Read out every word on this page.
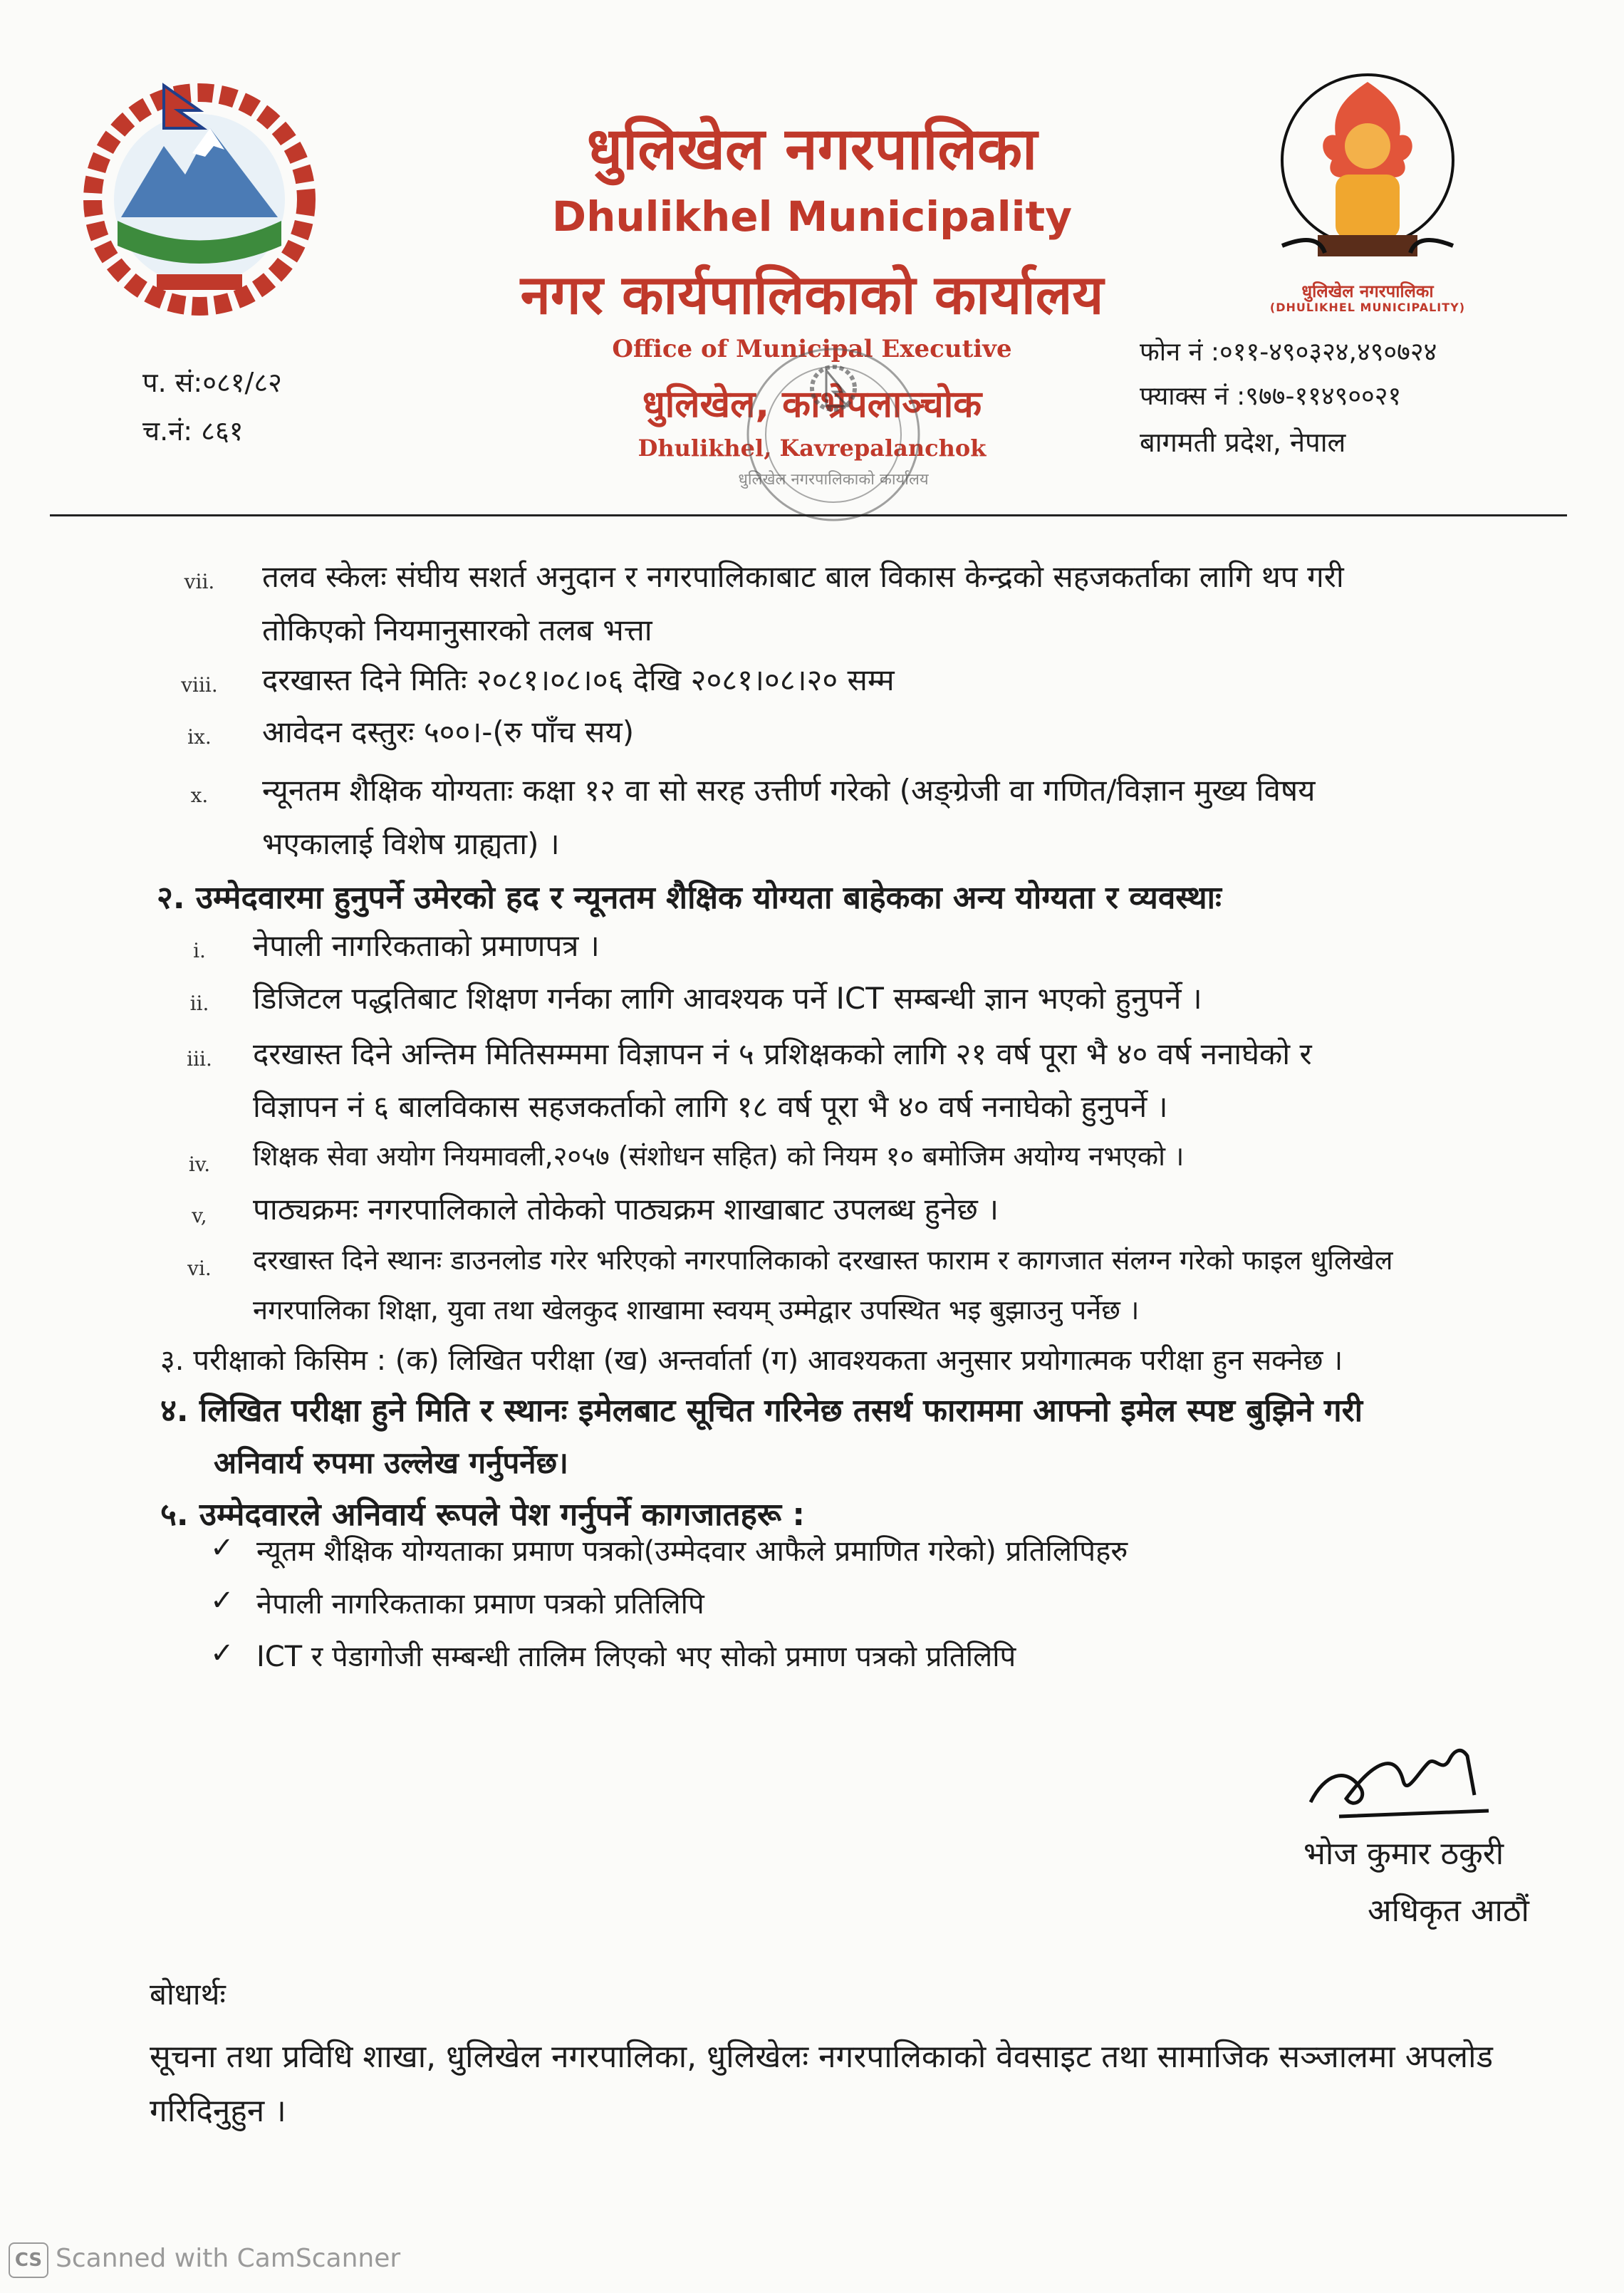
धुलिखेल नगरपालिका
Dhulikhel Municipality
नगर कार्यपालिकाको कार्यालय
Office of Municipal Executive
धुलिखेल, काभ्रेपलाञ्चोक
Dhulikhel, Kavrepalanchok
धुलिखेल नगरपालिका
(DHULIKHEL MUNICIPALITY)
प. सं:०८१/८२
च.नं: ८६१
फोन नं :०११-४९०३२४,४९०७२४
फ्याक्स नं :९७७-११४९००२१
बागमती प्रदेश, नेपाल
धुलिखेल नगरपालिकाको कार्यालय
vii.	तलव स्केलः संघीय सशर्त अनुदान र नगरपालिकाबाट बाल विकास केन्द्रको सहजकर्ताका लागि थप गरी
तोकिएको नियमानुसारको तलब भत्ता
viii.	दरखास्त दिने मितिः २०८१।०८।०६ देखि २०८१।०८।२० सम्म
ix.	आवेदन दस्तुरः ५००।-(रु पाँच सय)
x.	न्यूनतम शैक्षिक योग्यताः कक्षा १२ वा सो सरह उत्तीर्ण गरेको (अङ्ग्रेजी वा गणित/विज्ञान मुख्य विषय
भएकालाई विशेष ग्राह्यता) ।
२. उम्मेदवारमा हुनुपर्ने उमेरको हद र न्यूनतम शैक्षिक योग्यता बाहेकका अन्य योग्यता र व्यवस्थाः
i.	नेपाली नागरिकताको प्रमाणपत्र ।
ii.	डिजिटल पद्धतिबाट शिक्षण गर्नका लागि आवश्यक पर्ने ICT सम्बन्धी ज्ञान भएको हुनुपर्ने ।
iii.	दरखास्त दिने अन्तिम मितिसम्ममा विज्ञापन नं ५ प्रशिक्षकको लागि २१ वर्ष पूरा भै ४० वर्ष ननाघेको र
विज्ञापन नं ६ बालविकास सहजकर्ताको लागि १८ वर्ष पूरा भै ४० वर्ष ननाघेको हुनुपर्ने ।
iv.	शिक्षक सेवा अयोग नियमावली,२०५७ (संशोधन सहित) को नियम १० बमोजिम अयोग्य नभएको ।
v,	पाठ्यक्रमः नगरपालिकाले तोकेको पाठ्यक्रम शाखाबाट उपलब्ध हुनेछ ।
vi.	दरखास्त दिने स्थानः डाउनलोड गरेर भरिएको नगरपालिकाको दरखास्त फाराम र कागजात संलग्न गरेको फाइल धुलिखेल
नगरपालिका शिक्षा, युवा तथा खेलकुद शाखामा स्वयम् उम्मेद्वार उपस्थित भइ बुझाउनु पर्नेछ ।
३. परीक्षाको किसिम : (क) लिखित परीक्षा (ख) अन्तर्वार्ता (ग) आवश्यकता अनुसार प्रयोगात्मक परीक्षा हुन सक्नेछ ।
४. लिखित परीक्षा हुने मिति र स्थानः इमेलबाट सूचित गरिनेछ तसर्थ फाराममा आफ्नो इमेल स्पष्ट बुझिने गरी
अनिवार्य रुपमा उल्लेख गर्नुपर्नेछ।
५. उम्मेदवारले अनिवार्य रूपले पेश गर्नुपर्ने कागजातहरू :
✓ न्यूतम शैक्षिक योग्यताका प्रमाण पत्रको(उम्मेदवार आफैले प्रमाणित गरेको) प्रतिलिपिहरु
✓ नेपाली नागरिकताका प्रमाण पत्रको प्रतिलिपि
✓ ICT र पेडागोजी सम्बन्धी तालिम लिएको भए सोको प्रमाण पत्रको प्रतिलिपि
भोज कुमार ठकुरी
अधिकृत आठौं
बोधार्थः
सूचना तथा प्रविधि शाखा, धुलिखेल नगरपालिका, धुलिखेलः नगरपालिकाको वेवसाइट तथा सामाजिक सञ्जालमा अपलोड गरिदिनुहुन ।
CS Scanned with CamScanner
